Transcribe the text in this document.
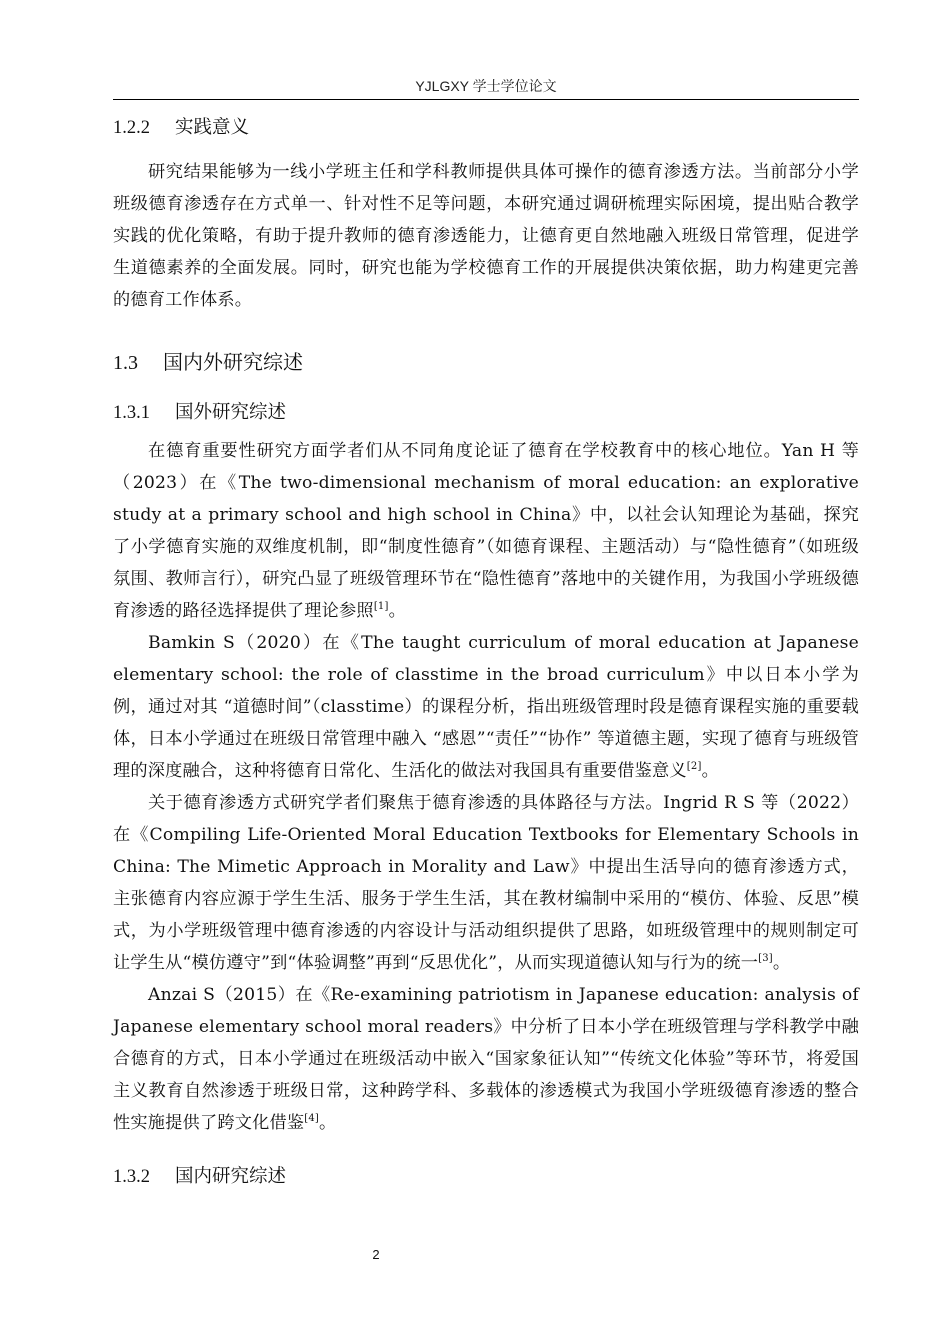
YJLGXY 学士学位论文
1.2.2 实践意义

研究结果能够为一线小学班主任和学科教师提供具体可操作的德育渗透方法。当前部分小学班级德育渗透存在方式单一、针对性不足等问题，本研究通过调研梳理实际困境，提出贴合教学实践的优化策略，有助于提升教师的德育渗透能力，让德育更自然地融入班级日常管理，促进学生道德素养的全面发展。同时，研究也能为学校德育工作的开展提供决策依据，助力构建更完善的德育工作体系。

1.3 国内外研究综述
1.3.1 国外研究综述

在德育重要性研究方面学者们从不同角度论证了德育在学校教育中的核心地位。Yan H 等（2023）在《The two-dimensional mechanism of moral education: an explorative study at a primary school and high school in China》中，以社会认知理论为基础，探究了小学德育实施的双维度机制，即“制度性德育”（如德育课程、主题活动）与“隐性德育”（如班级氛围、教师言行），研究凸显了班级管理环节在“隐性德育”落地中的关键作用，为我国小学班级德育渗透的路径选择提供了理论参照[1]。

Bamkin S（2020）在《The taught curriculum of moral education at Japanese elementary school: the role of classtime in the broad curriculum》中以日本小学为例，通过对其 “道德时间”（classtime）的课程分析，指出班级管理时段是德育课程实施的重要载体，日本小学通过在班级日常管理中融入 “感恩”“责任”“协作” 等道德主题，实现了德育与班级管理的深度融合，这种将德育日常化、生活化的做法对我国具有重要借鉴意义[2]。

关于德育渗透方式研究学者们聚焦于德育渗透的具体路径与方法。Ingrid R S 等（2022）在《Compiling Life-Oriented Moral Education Textbooks for Elementary Schools in China: The Mimetic Approach in Morality and Law》中提出生活导向的德育渗透方式，主张德育内容应源于学生生活、服务于学生生活，其在教材编制中采用的“模仿、体验、反思”模式，为小学班级管理中德育渗透的内容设计与活动组织提供了思路，如班级管理中的规则制定可让学生从“模仿遵守”到“体验调整”再到“反思优化”，从而实现道德认知与行为的统一[3]。

Anzai S（2015）在《Re-examining patriotism in Japanese education: analysis of Japanese elementary school moral readers》中分析了日本小学在班级管理与学科教学中融合德育的方式，日本小学通过在班级活动中嵌入“国家象征认知”“传统文化体验”等环节，将爱国主义教育自然渗透于班级日常，这种跨学科、多载体的渗透模式为我国小学班级德育渗透的整合性实施提供了跨文化借鉴[4]。

1.3.2 国内研究综述
2
